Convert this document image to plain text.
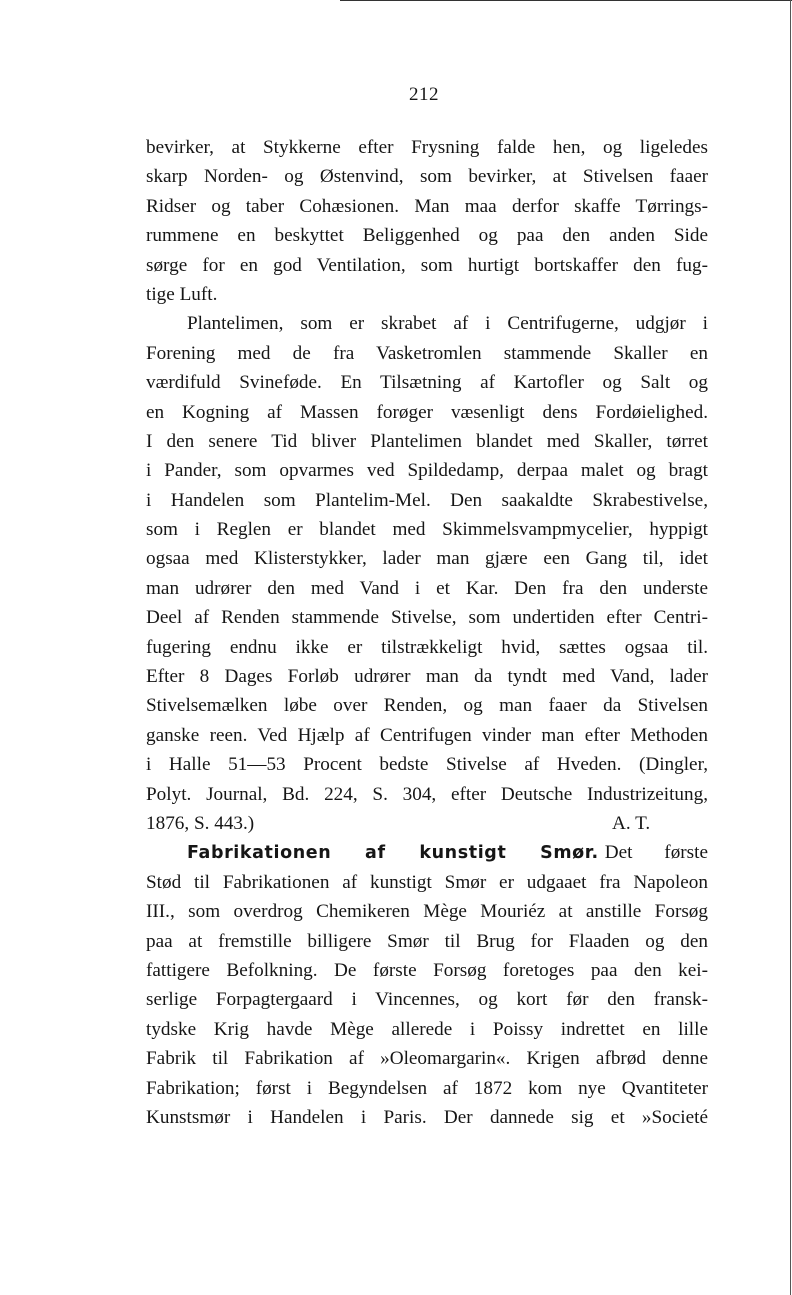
212
bevirker, at Stykkerne efter Frysning falde hen, og ligeledes
skarp Norden- og Østenvind, som bevirker, at Stivelsen faaer
Ridser og taber Cohæsionen. Man maa derfor skaffe Tørrings-
rummene en beskyttet Beliggenhed og paa den anden Side
sørge for en god Ventilation, som hurtigt bortskaffer den fug-
tige Luft.
Plantelimen, som er skrabet af i Centrifugerne, udgjør i
Forening med de fra Vasketromlen stammende Skaller en
værdifuld Svineføde. En Tilsætning af Kartofler og Salt og
en Kogning af Massen forøger væsenligt dens Fordøielighed.
I den senere Tid bliver Plantelimen blandet med Skaller, tørret
i Pander, som opvarmes ved Spildedamp, derpaa malet og bragt
i Handelen som Plantelim-Mel. Den saakaldte Skrabestivelse,
som i Reglen er blandet med Skimmelsvampmycelier, hyppigt
ogsaa med Klisterstykker, lader man gjære een Gang til, idet
man udrører den med Vand i et Kar. Den fra den underste
Deel af Renden stammende Stivelse, som undertiden efter Centri-
fugering endnu ikke er tilstrækkeligt hvid, sættes ogsaa til.
Efter 8 Dages Forløb udrører man da tyndt med Vand, lader
Stivelsemælken løbe over Renden, og man faaer da Stivelsen
ganske reen. Ved Hjælp af Centrifugen vinder man efter Methoden
i Halle 51—53 Procent bedste Stivelse af Hveden. (Dingler,
Polyt. Journal, Bd. 224, S. 304, efter Deutsche Industrizeitung,
1876, S. 443.)	A. T.
Fabrikationen af kunstigt Smør. Det første
Stød til Fabrikationen af kunstigt Smør er udgaaet fra Napoleon
III., som overdrog Chemikeren Mège Mouriéz at anstille Forsøg
paa at fremstille billigere Smør til Brug for Flaaden og den
fattigere Befolkning. De første Forsøg foretoges paa den kei-
serlige Forpagtergaard i Vincennes, og kort før den fransk-
tydske Krig havde Mège allerede i Poissy indrettet en lille
Fabrik til Fabrikation af »Oleomargarin«. Krigen afbrød denne
Fabrikation; først i Begyndelsen af 1872 kom nye Qvantiteter
Kunstsmør i Handelen i Paris. Der dannede sig et »Societé
